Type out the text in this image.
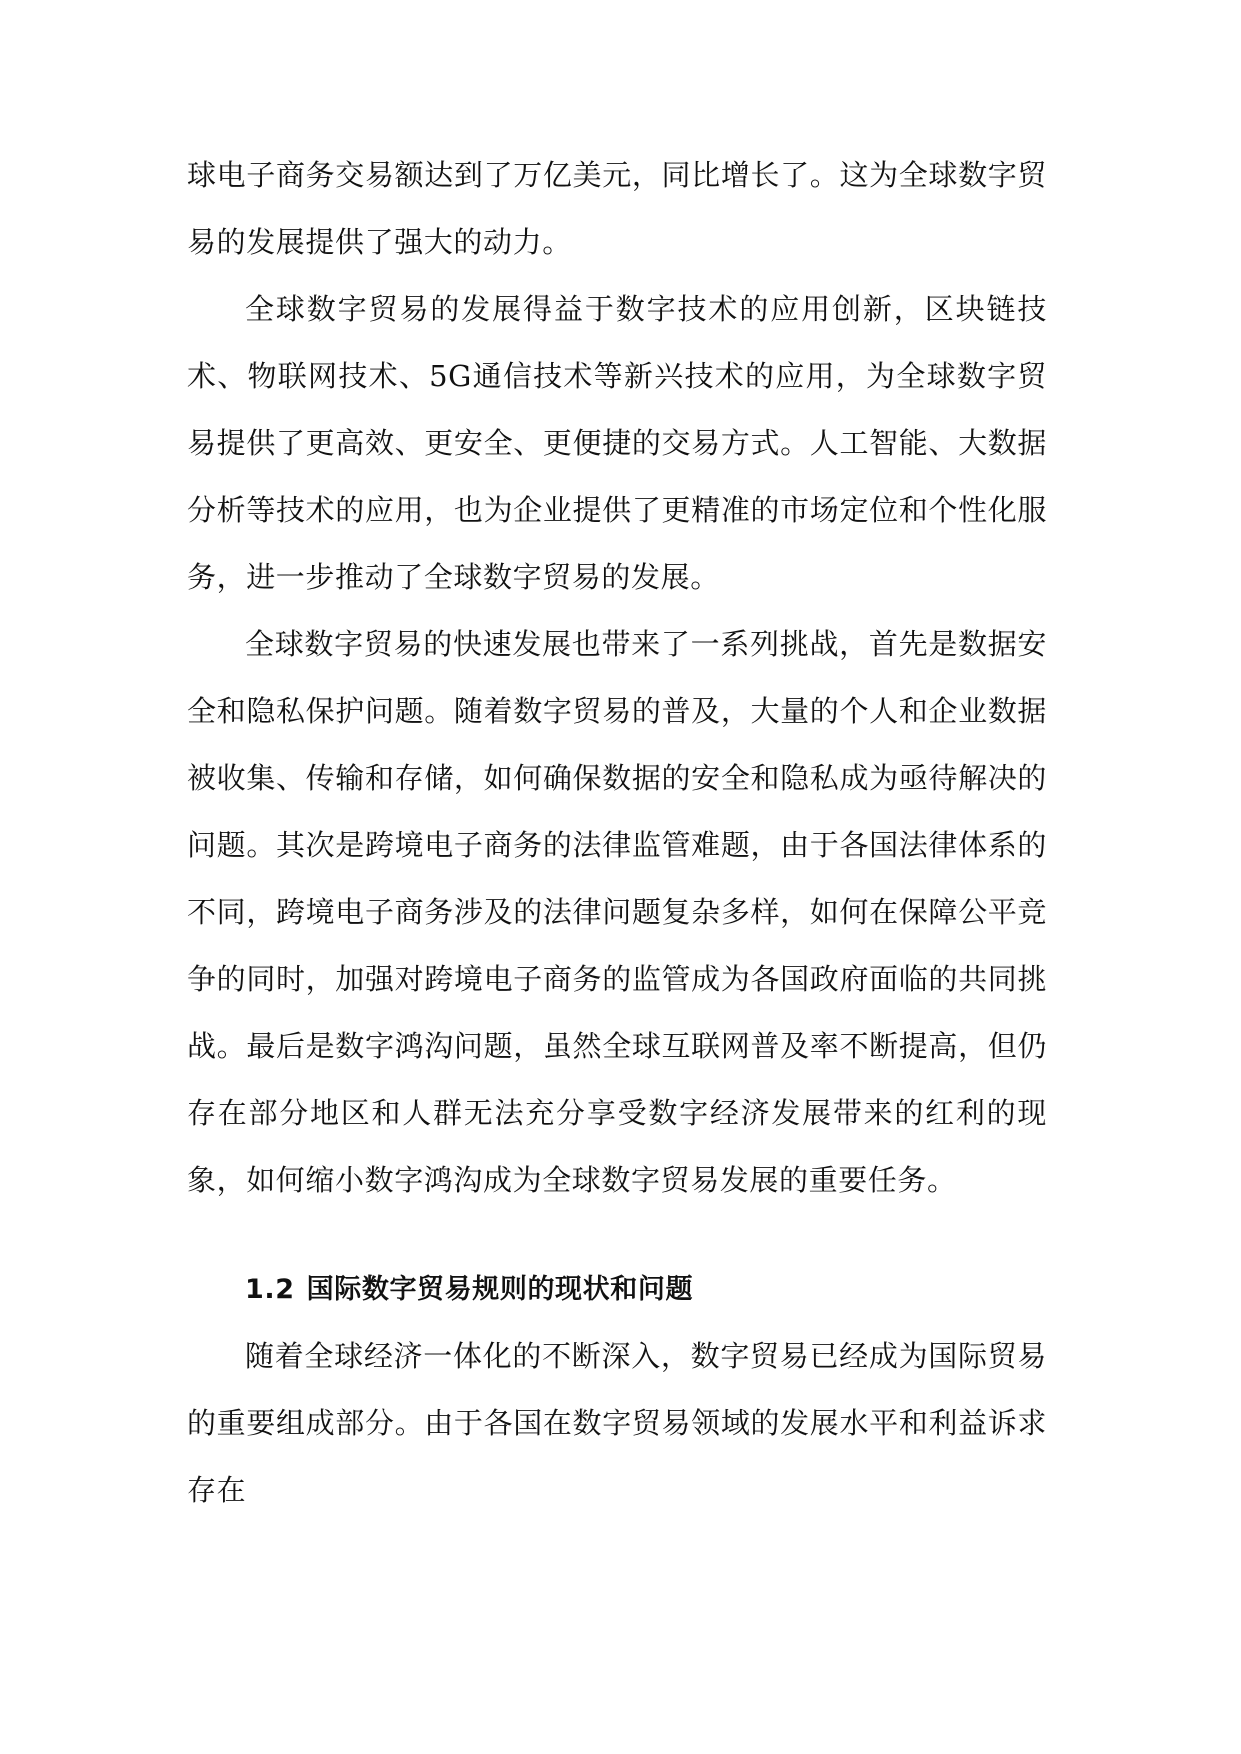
球电子商务交易额达到了万亿美元，同比增长了。这为全球数字贸易的发展提供了强大的动力。

全球数字贸易的发展得益于数字技术的应用创新，区块链技术、物联网技术、5G通信技术等新兴技术的应用，为全球数字贸易提供了更高效、更安全、更便捷的交易方式。人工智能、大数据分析等技术的应用，也为企业提供了更精准的市场定位和个性化服务，进一步推动了全球数字贸易的发展。

全球数字贸易的快速发展也带来了一系列挑战，首先是数据安全和隐私保护问题。随着数字贸易的普及，大量的个人和企业数据被收集、传输和存储，如何确保数据的安全和隐私成为亟待解决的问题。其次是跨境电子商务的法律监管难题，由于各国法律体系的不同，跨境电子商务涉及的法律问题复杂多样，如何在保障公平竞争的同时，加强对跨境电子商务的监管成为各国政府面临的共同挑战。最后是数字鸿沟问题，虽然全球互联网普及率不断提高，但仍存在部分地区和人群无法充分享受数字经济发展带来的红利的现象，如何缩小数字鸿沟成为全球数字贸易发展的重要任务。

1.2 国际数字贸易规则的现状和问题

随着全球经济一体化的不断深入，数字贸易已经成为国际贸易的重要组成部分。由于各国在数字贸易领域的发展水平和利益诉求存在
